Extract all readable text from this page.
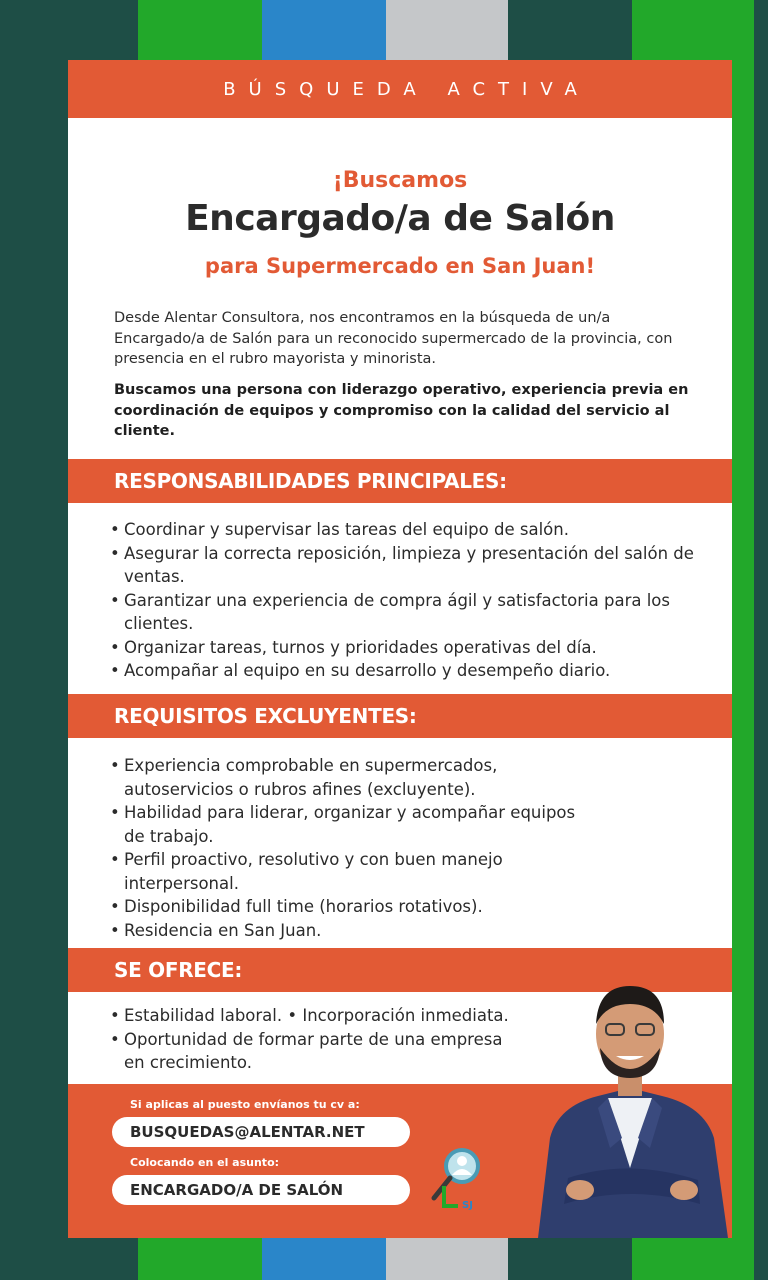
BÚSQUEDA ACTIVA
¡Buscamos
Encargado/a de Salón
para Supermercado en San Juan!

Desde Alentar Consultora, nos encontramos en la búsqueda de un/a Encargado/a de Salón para un reconocido supermercado de la provincia, con presencia en el rubro mayorista y minorista.

Buscamos una persona con liderazgo operativo, experiencia previa en coordinación de equipos y compromiso con la calidad del servicio al cliente.

RESPONSABILIDADES PRINCIPALES:
• Coordinar y supervisar las tareas del equipo de salón.
• Asegurar la correcta reposición, limpieza y presentación del salón de ventas.
• Garantizar una experiencia de compra ágil y satisfactoria para los clientes.
• Organizar tareas, turnos y prioridades operativas del día.
• Acompañar al equipo en su desarrollo y desempeño diario.
REQUISITOS EXCLUYENTES:
• Experiencia comprobable en supermercados, autoservicios o rubros afines (excluyente).
• Habilidad para liderar, organizar y acompañar equipos de trabajo.
• Perfil proactivo, resolutivo y con buen manejo interpersonal.
• Disponibilidad full time (horarios rotativos).
• Residencia en San Juan.
SE OFRECE:
• Estabilidad laboral. • Incorporación inmediata.
• Oportunidad de formar parte de una empresa en crecimiento.
Si aplicas al puesto envíanos tu cv a:
BUSQUEDAS@ALENTAR.NET
Colocando en el asunto:
ENCARGADO/A DE SALÓN
SJ
